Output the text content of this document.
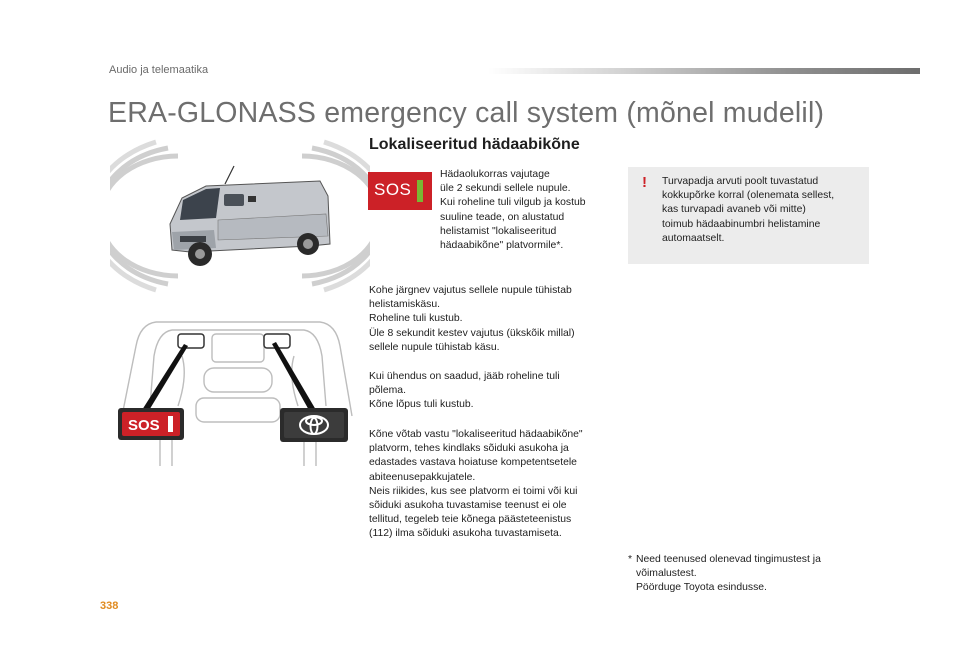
Audio ja telemaatika
ERA-GLONASS emergency call system (mõnel mudelil)
SOS
Lokaliseeritud hädaabikõne
SOS
Hädaolukorras vajutage
üle 2 sekundi sellele nupule.
Kui roheline tuli vilgub ja kostub
suuline teade, on alustatud
helistamist "lokaliseeritud
hädaabikõne" platvormile*.
Kohe järgnev vajutus sellele nupule tühistab
helistamiskäsu.
Roheline tuli kustub.
Üle 8 sekundit kestev vajutus (ükskõik millal)
sellele nupule tühistab käsu.
Kui ühendus on saadud, jääb roheline tuli
põlema.
Kõne lõpus tuli kustub.
Kõne võtab vastu "lokaliseeritud hädaabikõne"
platvorm, tehes kindlaks sõiduki asukoha ja
edastades vastava hoiatuse kompetentsetele
abiteenusepakkujatele.
Neis riikides, kus see platvorm ei toimi või kui
sõiduki asukoha tuvastamise teenust ei ole
tellitud, tegeleb teie kõnega päästeteenistus
(112) ilma sõiduki asukoha tuvastamiseta.
! Turvapadja arvuti poolt tuvastatud
kokkupõrke korral (olenemata sellest,
kas turvapadi avaneb või mitte)
toimub hädaabinumbri helistamine
automaatselt.
* Need teenused olenevad tingimustest ja
võimalustest.
Pöörduge Toyota esindusse.
338
